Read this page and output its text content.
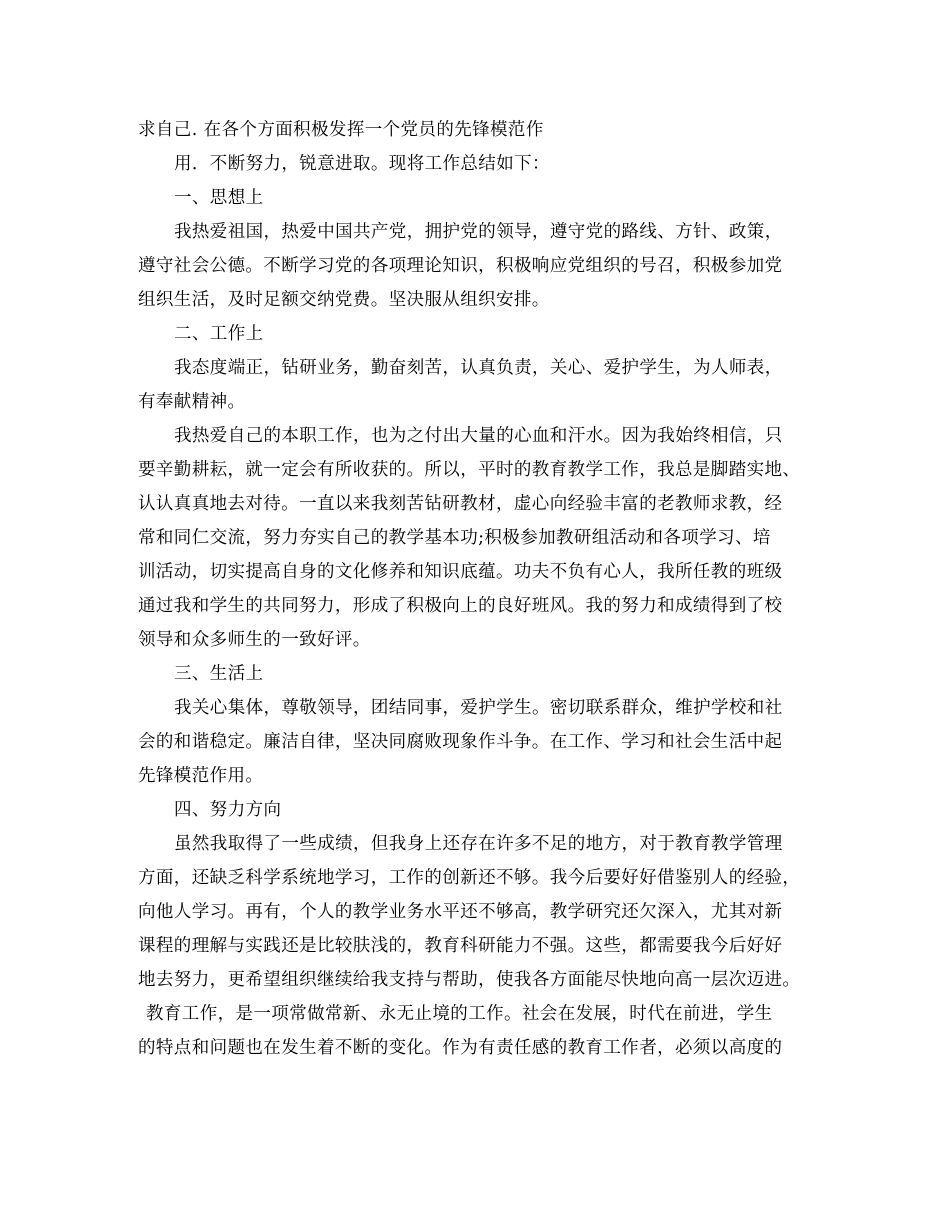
求自己. 在各个方面积极发挥一个党员的先锋模范作
用．不断努力，锐意进取。现将工作总结如下：
一、思想上
我热爱祖国，热爱中国共产党，拥护党的领导，遵守党的路线、方针、政策，
遵守社会公德。不断学习党的各项理论知识，积极响应党组织的号召，积极参加党
组织生活，及时足额交纳党费。坚决服从组织安排。
二、工作上
我态度端正，钻研业务，勤奋刻苦，认真负责，关心、爱护学生，为人师表，
有奉献精神。
我热爱自己的本职工作，也为之付出大量的心血和汗水。因为我始终相信，只
要辛勤耕耘，就一定会有所收获的。所以，平时的教育教学工作，我总是脚踏实地、
认认真真地去对待。一直以来我刻苦钻研教材，虚心向经验丰富的老教师求教，经
常和同仁交流，努力夯实自己的教学基本功;积极参加教研组活动和各项学习、培
训活动，切实提高自身的文化修养和知识底蕴。功夫不负有心人，我所任教的班级
通过我和学生的共同努力，形成了积极向上的良好班风。我的努力和成绩得到了校
领导和众多师生的一致好评。
三、生活上
我关心集体，尊敬领导，团结同事，爱护学生。密切联系群众，维护学校和社
会的和谐稳定。廉洁自律，坚决同腐败现象作斗争。在工作、学习和社会生活中起
先锋模范作用。
四、努力方向
虽然我取得了一些成绩，但我身上还存在许多不足的地方，对于教育教学管理
方面，还缺乏科学系统地学习，工作的创新还不够。我今后要好好借鉴别人的经验，
向他人学习。再有，个人的教学业务水平还不够高，教学研究还欠深入，尤其对新
课程的理解与实践还是比较肤浅的，教育科研能力不强。这些，都需要我今后好好
地去努力，更希望组织继续给我支持与帮助，使我各方面能尽快地向高一层次迈进。
教育工作，是一项常做常新、永无止境的工作。社会在发展，时代在前进，学生
的特点和问题也在发生着不断的变化。作为有责任感的教育工作者，必须以高度的
